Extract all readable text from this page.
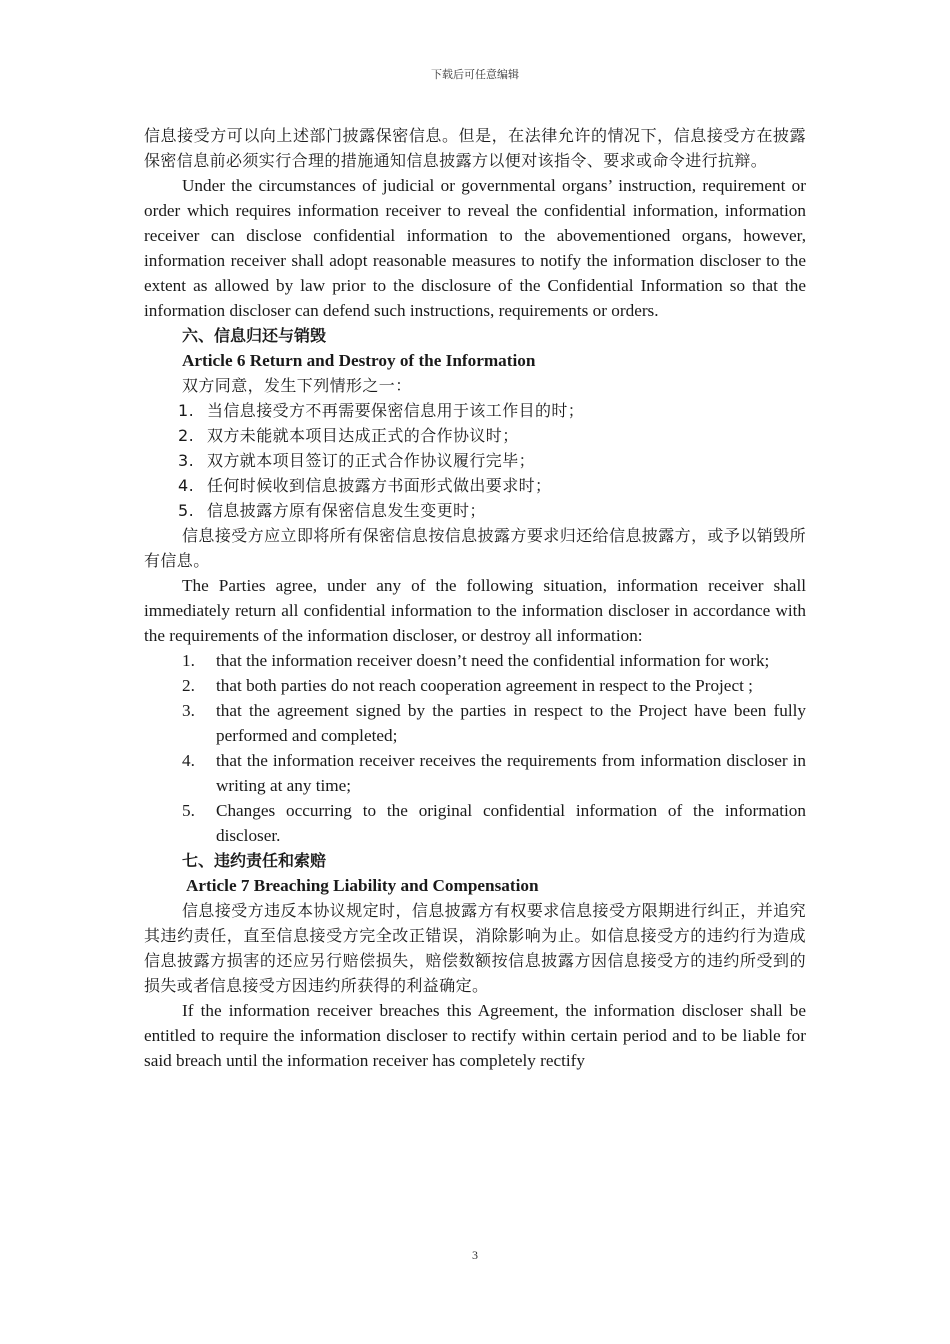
下载后可任意编辑

信息接受方可以向上述部门披露保密信息。但是，在法律允许的情况下，信息接受方在披露保密信息前必须实行合理的措施通知信息披露方以便对该指令、要求或命令进行抗辩。

Under the circumstances of judicial or governmental organs’ instruction, requirement or order which requires information receiver to reveal the confidential information, information receiver can disclose confidential information to the abovementioned organs, however, information receiver shall adopt reasonable measures to notify the information discloser to the extent as allowed by law prior to the disclosure of the Confidential Information so that the information discloser can defend such instructions, requirements or orders.

六、信息归还与销毁

Article 6 Return and Destroy of the Information

双方同意，发生下列情形之一：

1. 当信息接受方不再需要保密信息用于该工作目的时；
2. 双方未能就本项目达成正式的合作协议时；
3. 双方就本项目签订的正式合作协议履行完毕；
4. 任何时候收到信息披露方书面形式做出要求时；
5. 信息披露方原有保密信息发生变更时；

信息接受方应立即将所有保密信息按信息披露方要求归还给信息披露方，或予以销毁所有信息。

The Parties agree, under any of the following situation, information receiver shall immediately return all confidential information to the information discloser in accordance with the requirements of the information discloser, or destroy all information:

1. that the information receiver doesn’t need the confidential information for work;
2. that both parties do not reach cooperation agreement in respect to the Project ;
3. that the agreement signed by the parties in respect to the Project have been fully performed and completed;
4. that the information receiver receives the requirements from information discloser in writing at any time;
5. Changes occurring to the original confidential information of the information discloser.

七、违约责任和索赔

Article 7 Breaching Liability and Compensation

信息接受方违反本协议规定时，信息披露方有权要求信息接受方限期进行纠正，并追究其违约责任，直至信息接受方完全改正错误，消除影响为止。如信息接受方的违约行为造成信息披露方损害的还应另行赔偿损失，赔偿数额按信息披露方因信息接受方的违约所受到的损失或者信息接受方因违约所获得的利益确定。

If the information receiver breaches this Agreement, the information discloser shall be entitled to require the information discloser to rectify within certain period and to be liable for said breach until the information receiver has completely rectify

3
